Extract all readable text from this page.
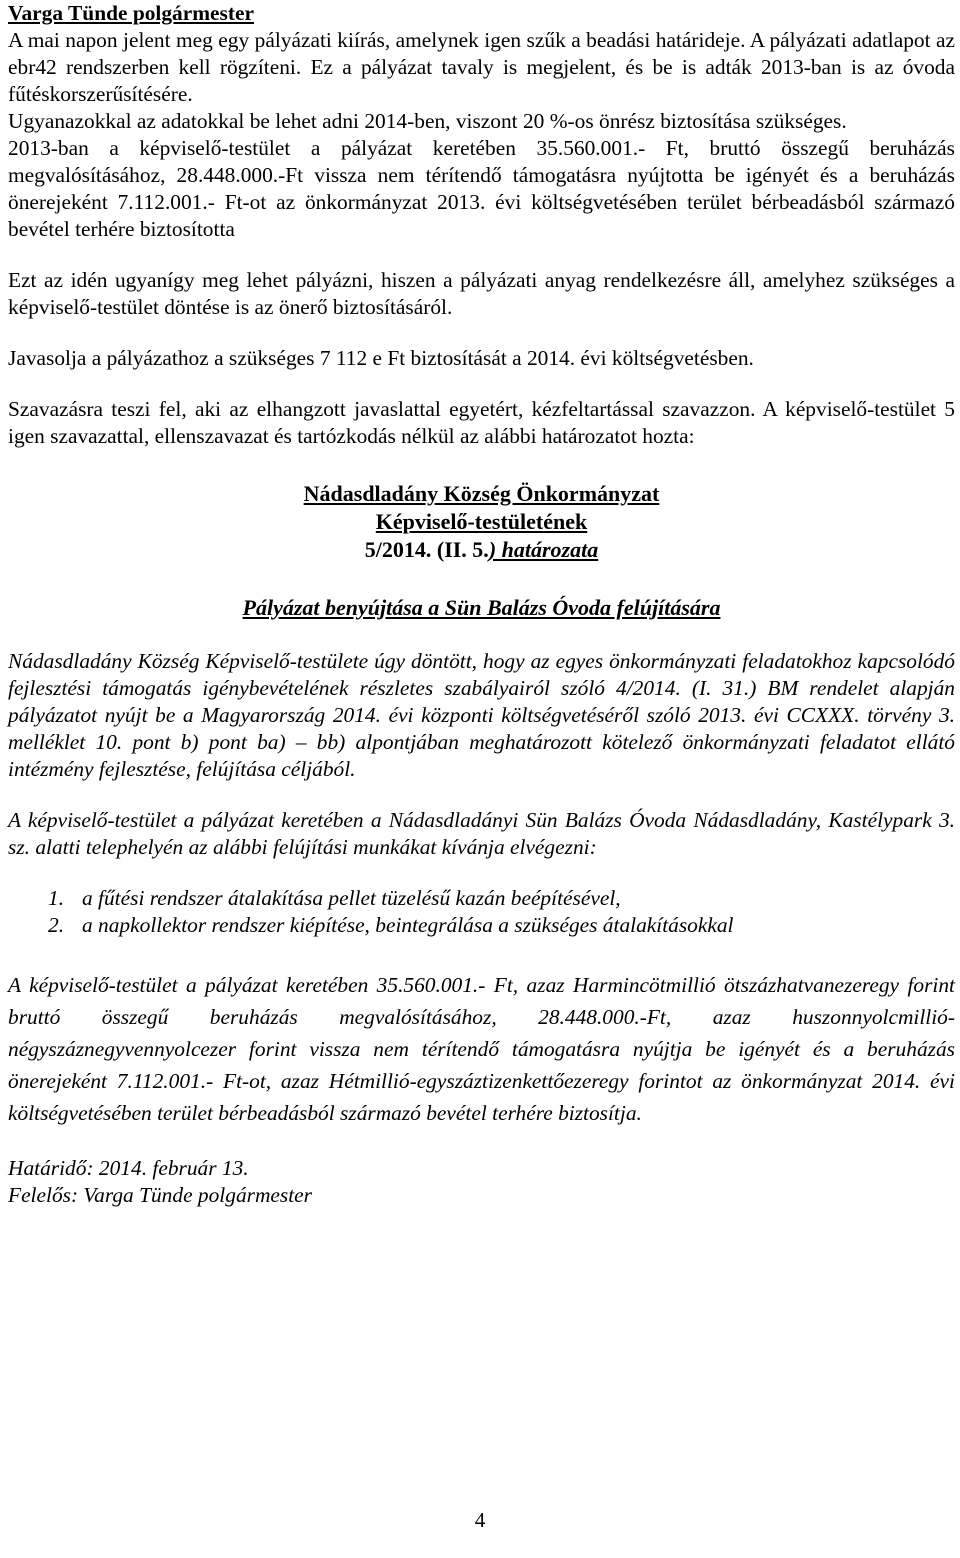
Varga Tünde polgármester

A mai napon jelent meg egy pályázati kiírás, amelynek igen szűk a beadási határideje. A pályázati adatlapot az ebr42 rendszerben kell rögzíteni. Ez a pályázat tavaly is megjelent, és be is adták 2013-ban is az óvoda fűtéskorszerűsítésére.

Ugyanazokkal az adatokkal be lehet adni 2014-ben, viszont 20 %-os önrész biztosítása szükséges.

2013-ban a képviselő-testület a pályázat keretében 35.560.001.- Ft, bruttó összegű beruházás megvalósításához, 28.448.000.-Ft vissza nem térítendő támogatásra nyújtotta be igényét és a beruházás önerejeként 7.112.001.- Ft-ot az önkormányzat 2013. évi költségvetésében terület bérbeadásból származó bevétel terhére biztosította

Ezt az idén ugyanígy meg lehet pályázni, hiszen a pályázati anyag rendelkezésre áll, amelyhez szükséges a képviselő-testület döntése is az önerő biztosításáról.

Javasolja a pályázathoz a szükséges 7 112 e Ft biztosítását a 2014. évi költségvetésben.

Szavazásra teszi fel, aki az elhangzott javaslattal egyetért, kézfeltartással szavazzon. A képviselő-testület 5 igen szavazattal, ellenszavazat és tartózkodás nélkül az alábbi határozatot hozta:

Nádasdladány Község Önkormányzat

Képviselő-testületének

5/2014. (II. 5.) határozata

Pályázat benyújtása a Sün Balázs Óvoda felújítására

Nádasdladány Község Képviselő-testülete úgy döntött, hogy az egyes önkormányzati feladatokhoz kapcsolódó fejlesztési támogatás igénybevételének részletes szabályairól szóló 4/2014. (I. 31.) BM rendelet alapján pályázatot nyújt be a Magyarország 2014. évi központi költségvetéséről szóló 2013. évi CCXXX. törvény 3. melléklet 10. pont b) pont ba) – bb) alpontjában meghatározott kötelező önkormányzati feladatot ellátó intézmény fejlesztése, felújítása céljából.

A képviselő-testület a pályázat keretében a Nádasdladányi Sün Balázs Óvoda Nádasdladány, Kastélypark 3. sz. alatti telephelyén az alábbi felújítási munkákat kívánja elvégezni:

1. a fűtési rendszer átalakítása pellet tüzelésű kazán beépítésével,
2. a napkollektor rendszer kiépítése, beintegrálása a szükséges átalakításokkal

A képviselő-testület a pályázat keretében 35.560.001.- Ft, azaz Harmincötmillió ötszázhatvanezeregy forint bruttó összegű beruházás megvalósításához, 28.448.000.-Ft, azaz huszonnyolcmillió-négyszáznegyvennyolcezer forint vissza nem térítendő támogatásra nyújtja be igényét és a beruházás önerejeként 7.112.001.- Ft-ot, azaz Hétmillió-egyszáztizenkettőezeregy forintot az önkormányzat 2014. évi költségvetésében terület bérbeadásból származó bevétel terhére biztosítja.

Határidő: 2014. február 13.

Felelős: Varga Tünde polgármester

4
